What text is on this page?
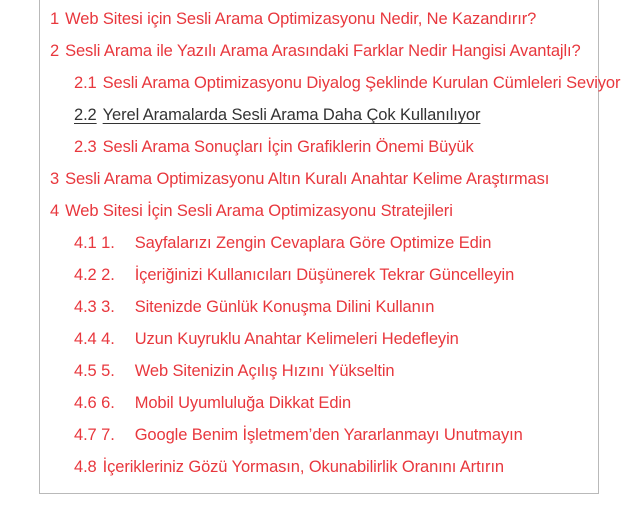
1 Web Sitesi için Sesli Arama Optimizasyonu Nedir, Ne Kazandırır?
2 Sesli Arama ile Yazılı Arama Arasındaki Farklar Nedir Hangisi Avantajlı?
2.1 Sesli Arama Optimizasyonu Diyalog Şeklinde Kurulan Cümleleri Seviyor
2.2 Yerel Aramalarda Sesli Arama Daha Çok Kullanılıyor
2.3 Sesli Arama Sonuçları İçin Grafiklerin Önemi Büyük
3 Sesli Arama Optimizasyonu Altın Kuralı Anahtar Kelime Araştırması
4 Web Sitesi İçin Sesli Arama Optimizasyonu Stratejileri
4.1 1. Sayfalarızı Zengin Cevaplara Göre Optimize Edin
4.2 2. İçeriğinizi Kullanıcıları Düşünerek Tekrar Güncelleyin
4.3 3. Sitenizde Günlük Konuşma Dilini Kullanın
4.4 4. Uzun Kuyruklu Anahtar Kelimeleri Hedefleyin
4.5 5. Web Sitenizin Açılış Hızını Yükseltin
4.6 6. Mobil Uyumluluğa Dikkat Edin
4.7 7. Google Benim İşletmem’den Yararlanmayı Unutmayın
4.8 İçerikleriniz Gözü Yormasın, Okunabilirlik Oranını Artırın
